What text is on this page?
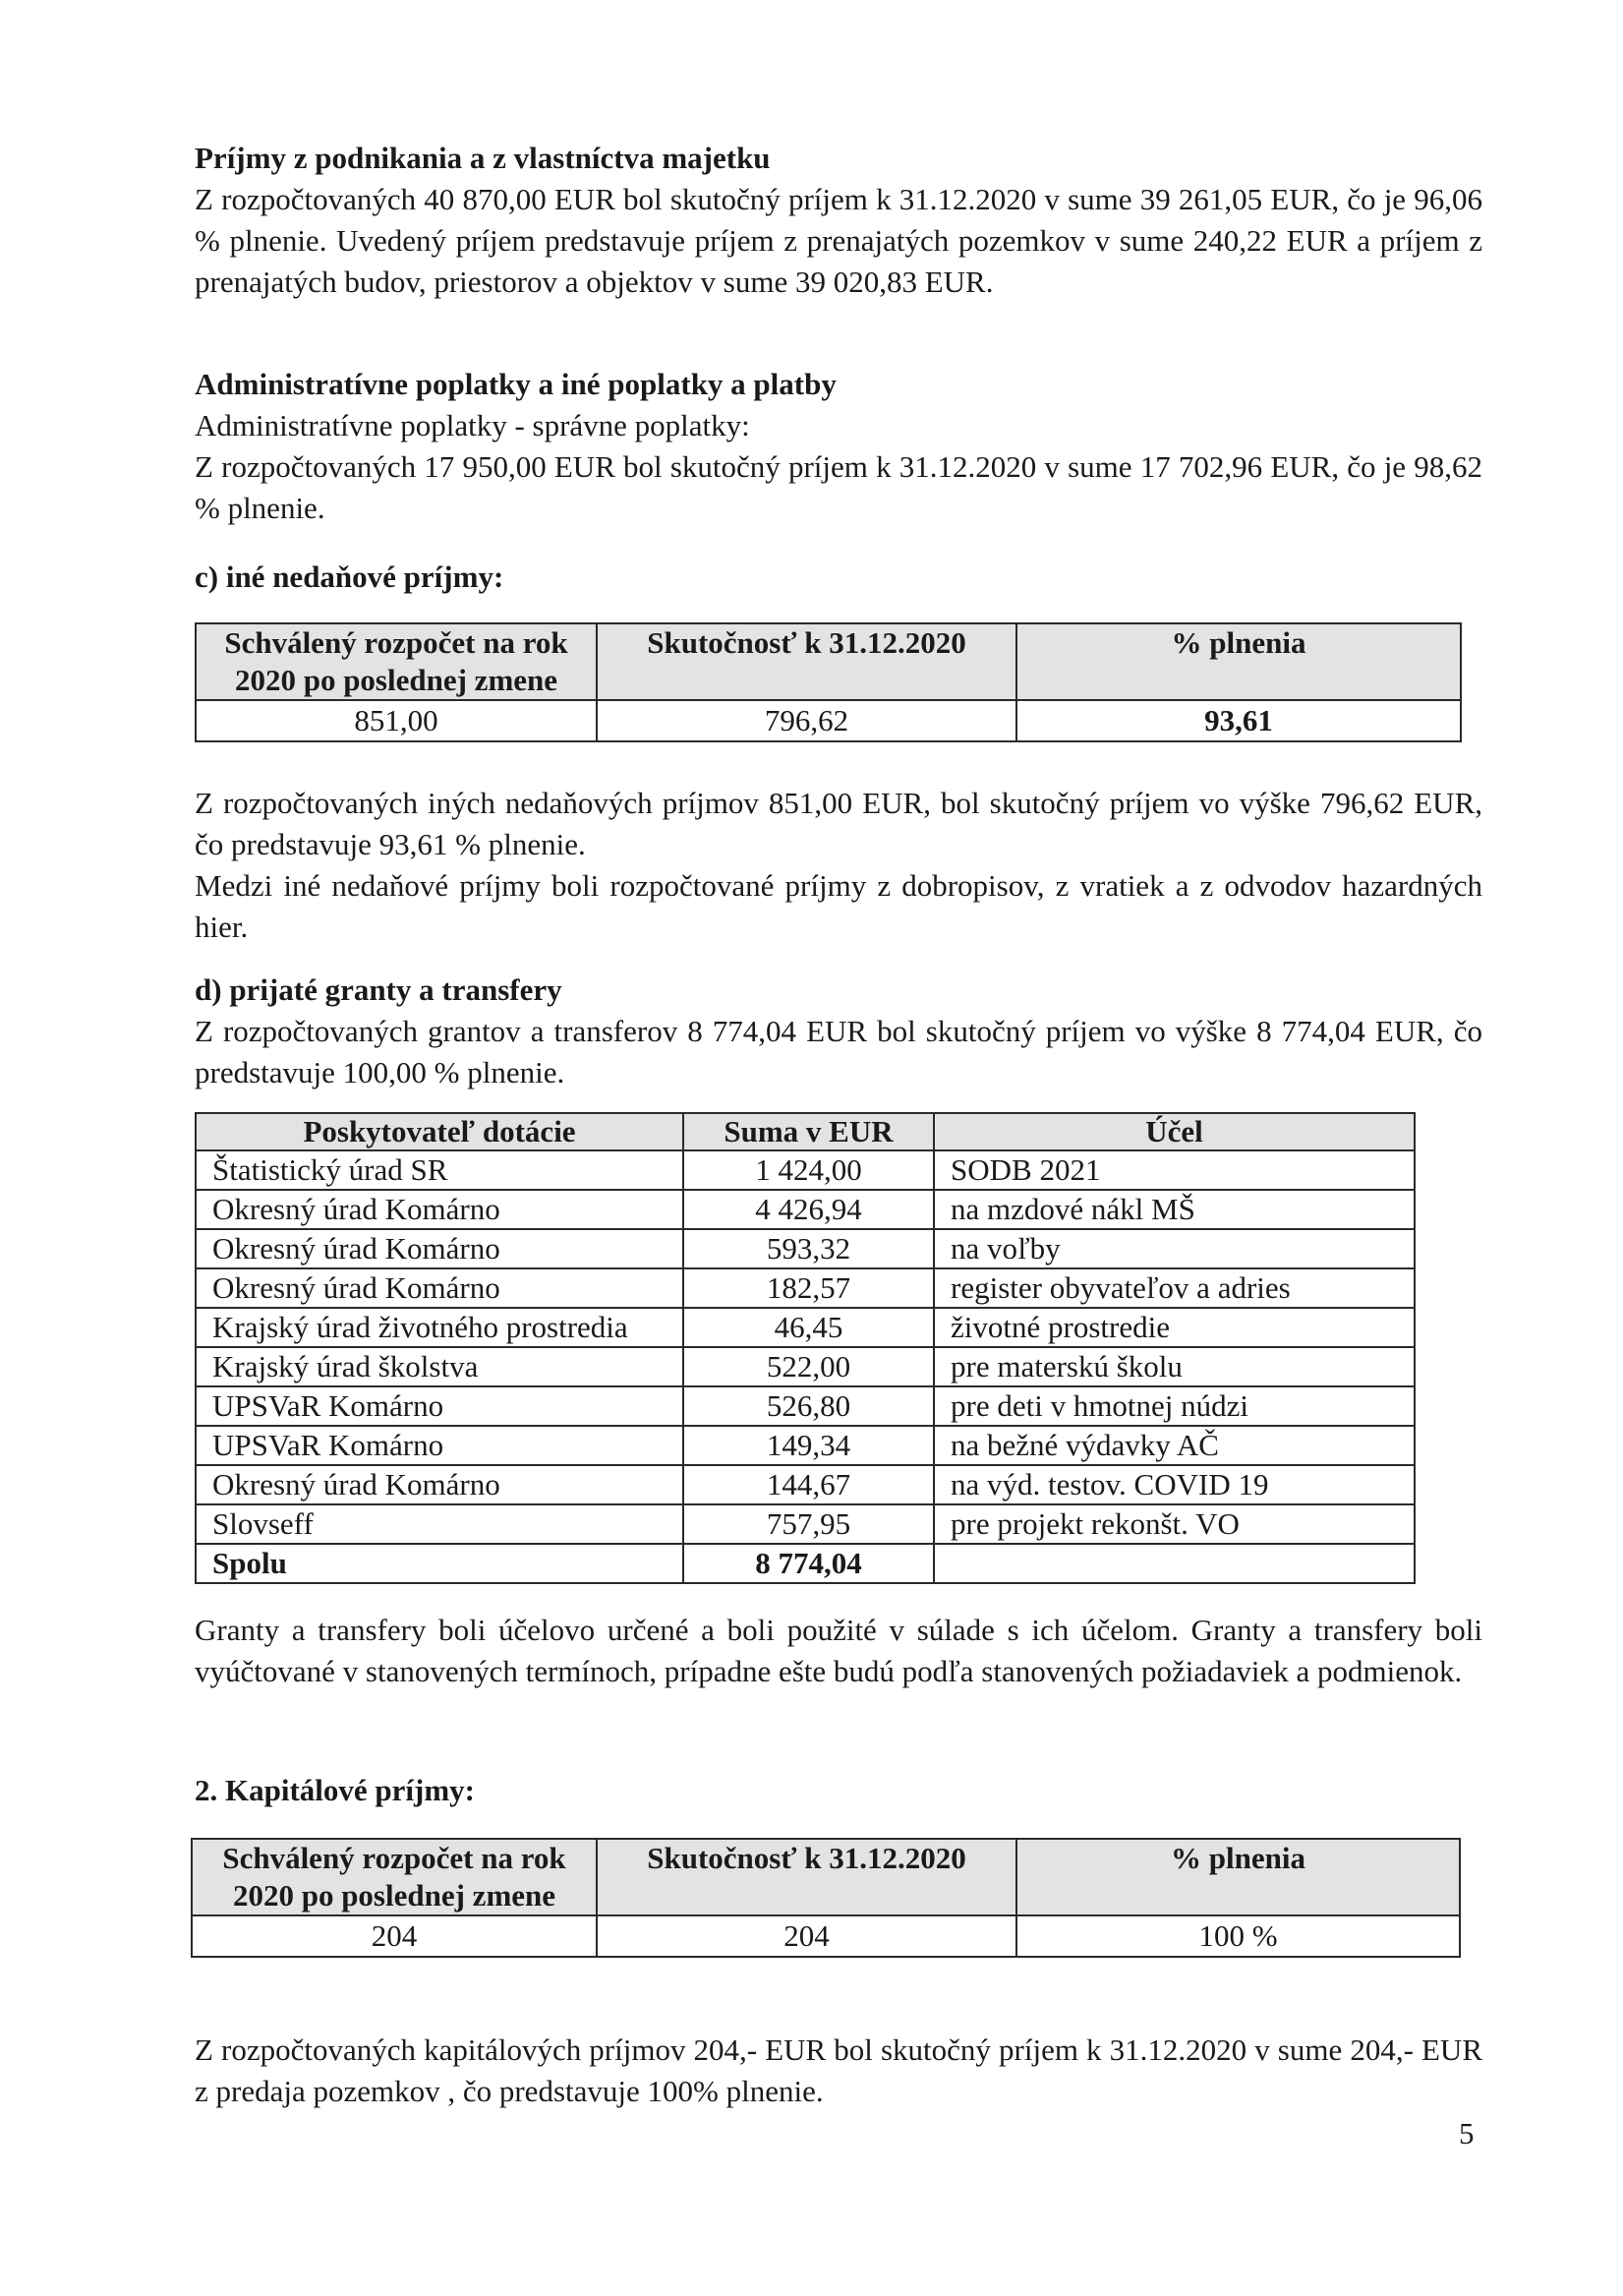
Príjmy z podnikania a z vlastníctva majetku

Z rozpočtovaných 40 870,00 EUR bol skutočný príjem k 31.12.2020 v sume 39 261,05 EUR, čo je 96,06 % plnenie. Uvedený príjem predstavuje príjem z prenajatých pozemkov v sume 240,22 EUR a príjem z prenajatých budov, priestorov a objektov v sume 39 020,83 EUR.

Administratívne poplatky a iné poplatky a platby

Administratívne poplatky - správne poplatky:

Z rozpočtovaných 17 950,00 EUR bol skutočný príjem k 31.12.2020 v sume 17 702,96 EUR, čo je 98,62 % plnenie.

c) iné nedaňové príjmy:

Schválený rozpočet na rok 2020 po poslednej zmene	Skutočnosť k 31.12.2020	% plnenia
851,00	796,62	93,61

Z rozpočtovaných iných nedaňových príjmov 851,00 EUR, bol skutočný príjem vo výške 796,62 EUR, čo predstavuje 93,61 % plnenie.

Medzi iné nedaňové príjmy boli rozpočtované príjmy z dobropisov, z vratiek a z odvodov hazardných hier.

d) prijaté granty a transfery

Z rozpočtovaných grantov a transferov 8 774,04 EUR bol skutočný príjem vo výške 8 774,04 EUR, čo predstavuje 100,00 % plnenie.

Poskytovateľ dotácie	Suma v EUR	Účel
Štatistický úrad SR	1 424,00	SODB 2021
Okresný úrad Komárno	4 426,94	na mzdové nákl MŠ
Okresný úrad Komárno	593,32	na voľby
Okresný úrad Komárno	182,57	register obyvateľov a adries
Krajský úrad životného prostredia	46,45	životné prostredie
Krajský úrad školstva	522,00	pre materskú školu
UPSVaR Komárno	526,80	pre deti v hmotnej núdzi
UPSVaR Komárno	149,34	na bežné výdavky AČ
Okresný úrad Komárno	144,67	na výd. testov. COVID 19
Slovseff	757,95	pre projekt rekonšt. VO
Spolu	8 774,04	

Granty a transfery boli účelovo určené a boli použité v súlade s ich účelom. Granty a transfery boli vyúčtované v stanovených termínoch, prípadne ešte budú podľa stanovených požiadaviek a podmienok.

2. Kapitálové príjmy:

Schválený rozpočet na rok 2020 po poslednej zmene	Skutočnosť k 31.12.2020	% plnenia
204	204	100 %

Z rozpočtovaných kapitálových príjmov 204,- EUR bol skutočný príjem k 31.12.2020 v sume 204,- EUR z predaja pozemkov , čo predstavuje 100% plnenie.

5
